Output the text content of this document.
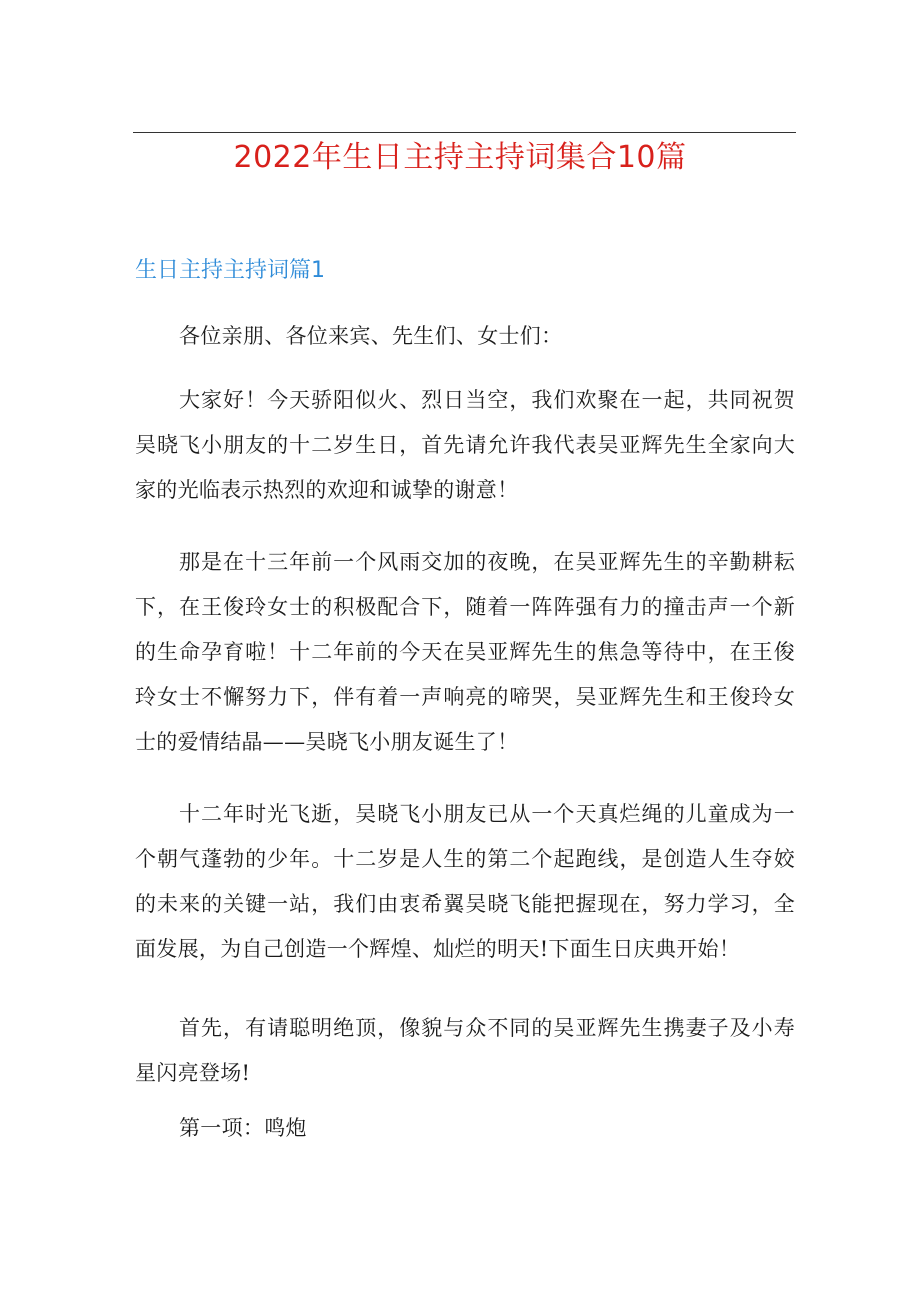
2022年生日主持主持词集合10篇
生日主持主持词篇1

各位亲朋、各位来宾、先生们、女士们：

大家好！今天骄阳似火、烈日当空，我们欢聚在一起，共同祝贺吴晓飞小朋友的十二岁生日，首先请允许我代表吴亚辉先生全家向大家的光临表示热烈的欢迎和诚挚的谢意！

那是在十三年前一个风雨交加的夜晚，在吴亚辉先生的辛勤耕耘下，在王俊玲女士的积极配合下，随着一阵阵强有力的撞击声一个新的生命孕育啦！十二年前的今天在吴亚辉先生的焦急等待中，在王俊玲女士不懈努力下，伴有着一声响亮的啼哭，吴亚辉先生和王俊玲女士的爱情结晶——吴晓飞小朋友诞生了！

十二年时光飞逝，吴晓飞小朋友已从一个天真烂绳的儿童成为一个朝气蓬勃的少年。十二岁是人生的第二个起跑线，是创造人生夺姣的未来的关键一站，我们由衷希翼吴晓飞能把握现在，努力学习，全面发展，为自己创造一个辉煌、灿烂的明天!下面生日庆典开始！

首先，有请聪明绝顶，像貌与众不同的吴亚辉先生携妻子及小寿星闪亮登场!

第一项：鸣炮
